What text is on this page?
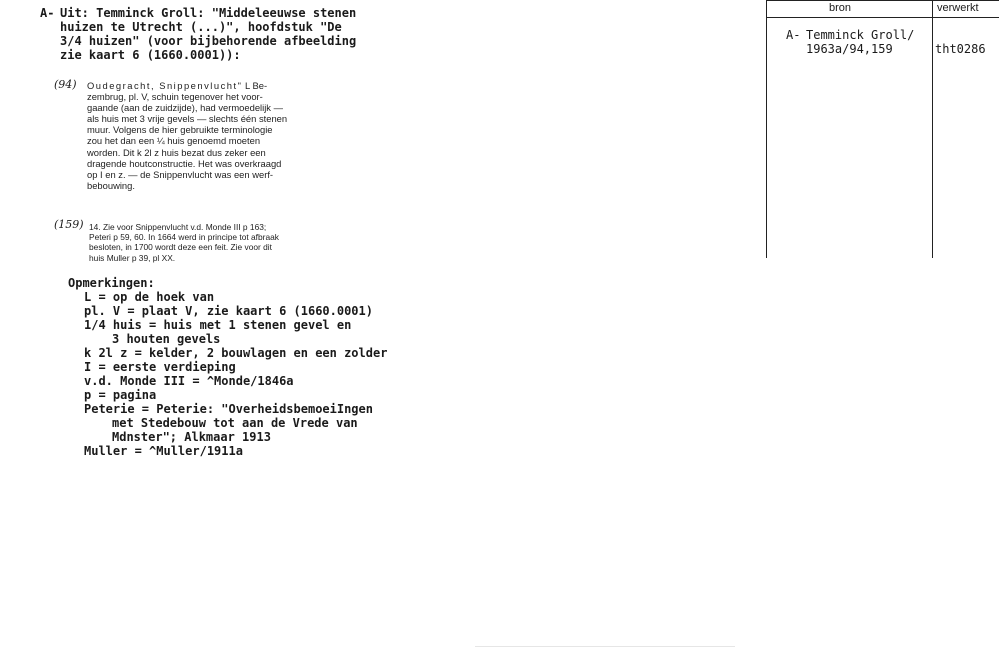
A- Uit: Temminck Groll: "Middeleeuwse stenen
huizen te Utrecht (...)", hoofdstuk "De
3/4 huizen" (voor bijbehorende afbeelding
zie kaart 6 (1660.0001)):
(94) Oudegracht, Snippenvlucht" L Be-
zembrug, pl. V, schuin tegenover het voor-
gaande (aan de zuidzijde), had vermoedelijk —
als huis met 3 vrije gevels — slechts één stenen
muur. Volgens de hier gebruikte terminologie
zou het dan een ¼ huis genoemd moeten
worden. Dit k 2l z huis bezat dus zeker een
dragende houtconstructie. Het was overkraagd
op I en z. — de Snippenvlucht was een werf-
bebouwing.
(159) 14. Zie voor Snippenvlucht v.d. Monde III p 163;
Peteri p 59, 60. In 1664 werd in principe tot afbraak
besloten, in 1700 wordt deze een feit. Zie voor dit
huis Muller p 39, pl XX.
Opmerkingen:
L = op de hoek van
pl. V = plaat V, zie kaart 6 (1660.0001)
1/4 huis = huis met 1 stenen gevel en
3 houten gevels
k 2l z = kelder, 2 bouwlagen en een zolder
I = eerste verdieping
v.d. Monde III = ^Monde/1846a
p = pagina
Peterie = Peterie: "OverheidsbemoeiIngen
met Stedebouw tot aan de Vrede van
Mdnster"; Alkmaar 1913
Muller = ^Muller/1911a
bron	verwerkt
A- Temminck Groll/
1963a/94,159	tht0286
